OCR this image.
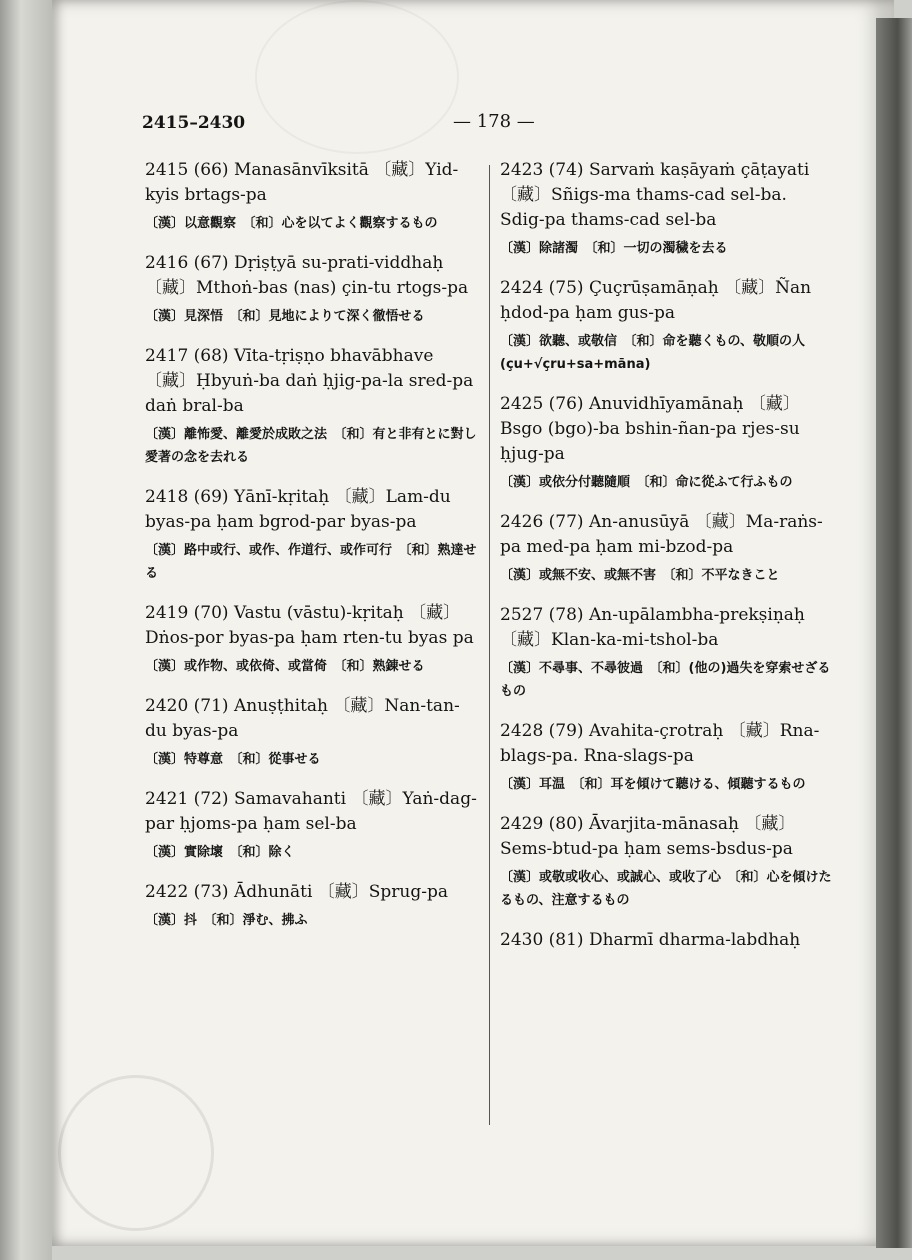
2415–2430	— 178 —

2415 (66) Manasānvīksitā 〔藏〕Yid-kyis brtags-pa

〔漢〕以意觀察　〔和〕心を以てよく觀察するもの

2416 (67) Dṛiṣṭyā su-prati-viddhaḥ 〔藏〕Mthoṅ-bas (nas) çin-tu rtogs-pa

〔漢〕見深悟　〔和〕見地によりて深く徹悟せる

2417 (68) Vīta-tṛiṣṇo bhavābhave 〔藏〕Ḥbyuṅ-ba daṅ ḥjig-pa-la sred-pa daṅ bral-ba

〔漢〕離怖愛、離愛於成敗之法　〔和〕有と非有とに對し愛著の念を去れる

2418 (69) Yānī-kṛitaḥ 〔藏〕Lam-du byas-pa ḥam bgrod-par byas-pa

〔漢〕路中或行、或作、作道行、或作可行　〔和〕熟達せる

2419 (70) Vastu (vāstu)-kṛitaḥ 〔藏〕Dṅos-por byas-pa ḥam rten-tu byas pa

〔漢〕或作物、或依倚、或當倚　〔和〕熟錬せる

2420 (71) Anuṣṭhitaḥ 〔藏〕Nan-tan-du byas-pa

〔漢〕特尊意　〔和〕從事せる

2421 (72) Samavahanti 〔藏〕Yaṅ-dag-par ḥjoms-pa ḥam sel-ba

〔漢〕實除壞　〔和〕除く

2422 (73) Ādhunāti 〔藏〕Sprug-pa

〔漢〕抖　〔和〕淨む、拂ふ

2423 (74) Sarvaṁ kaṣāyaṁ çāṭayati 〔藏〕Sñigs-ma thams-cad sel-ba. Sdig-pa thams-cad sel-ba

〔漢〕除諸濁　〔和〕一切の濁穢を去る

2424 (75) Çuçrūṣamāṇaḥ 〔藏〕Ñan ḥdod-pa ḥam gus-pa

〔漢〕欲聽、或敬信　〔和〕命を聽くもの、敬順の人 (çu+√çru+sa+māna)

2425 (76) Anuvidhīyamānaḥ 〔藏〕Bsgo (bgo)-ba bshin-ñan-pa rjes-su ḥjug-pa

〔漢〕或依分付聽隨順　〔和〕命に從ふて行ふもの

2426 (77) An-anusūyā 〔藏〕Ma-raṅs-pa med-pa ḥam mi-bzod-pa

〔漢〕或無不安、或無不害　〔和〕不平なきこと

2527 (78) An-upālambha-prekṣiṇaḥ 〔藏〕Klan-ka-mi-tshol-ba

〔漢〕不尋事、不尋彼過　〔和〕(他の)過失を穿索せざるもの

2428 (79) Avahita-çrotraḥ 〔藏〕Rna-blags-pa. Rna-slags-pa

〔漢〕耳温　〔和〕耳を傾けて聽ける、傾聽するもの

2429 (80) Āvarjita-mānasaḥ 〔藏〕Sems-btud-pa ḥam sems-bsdus-pa

〔漢〕或敬或收心、或誠心、或收了心　〔和〕心を傾けたるもの、注意するもの

2430 (81) Dharmī dharma-labdhaḥ
